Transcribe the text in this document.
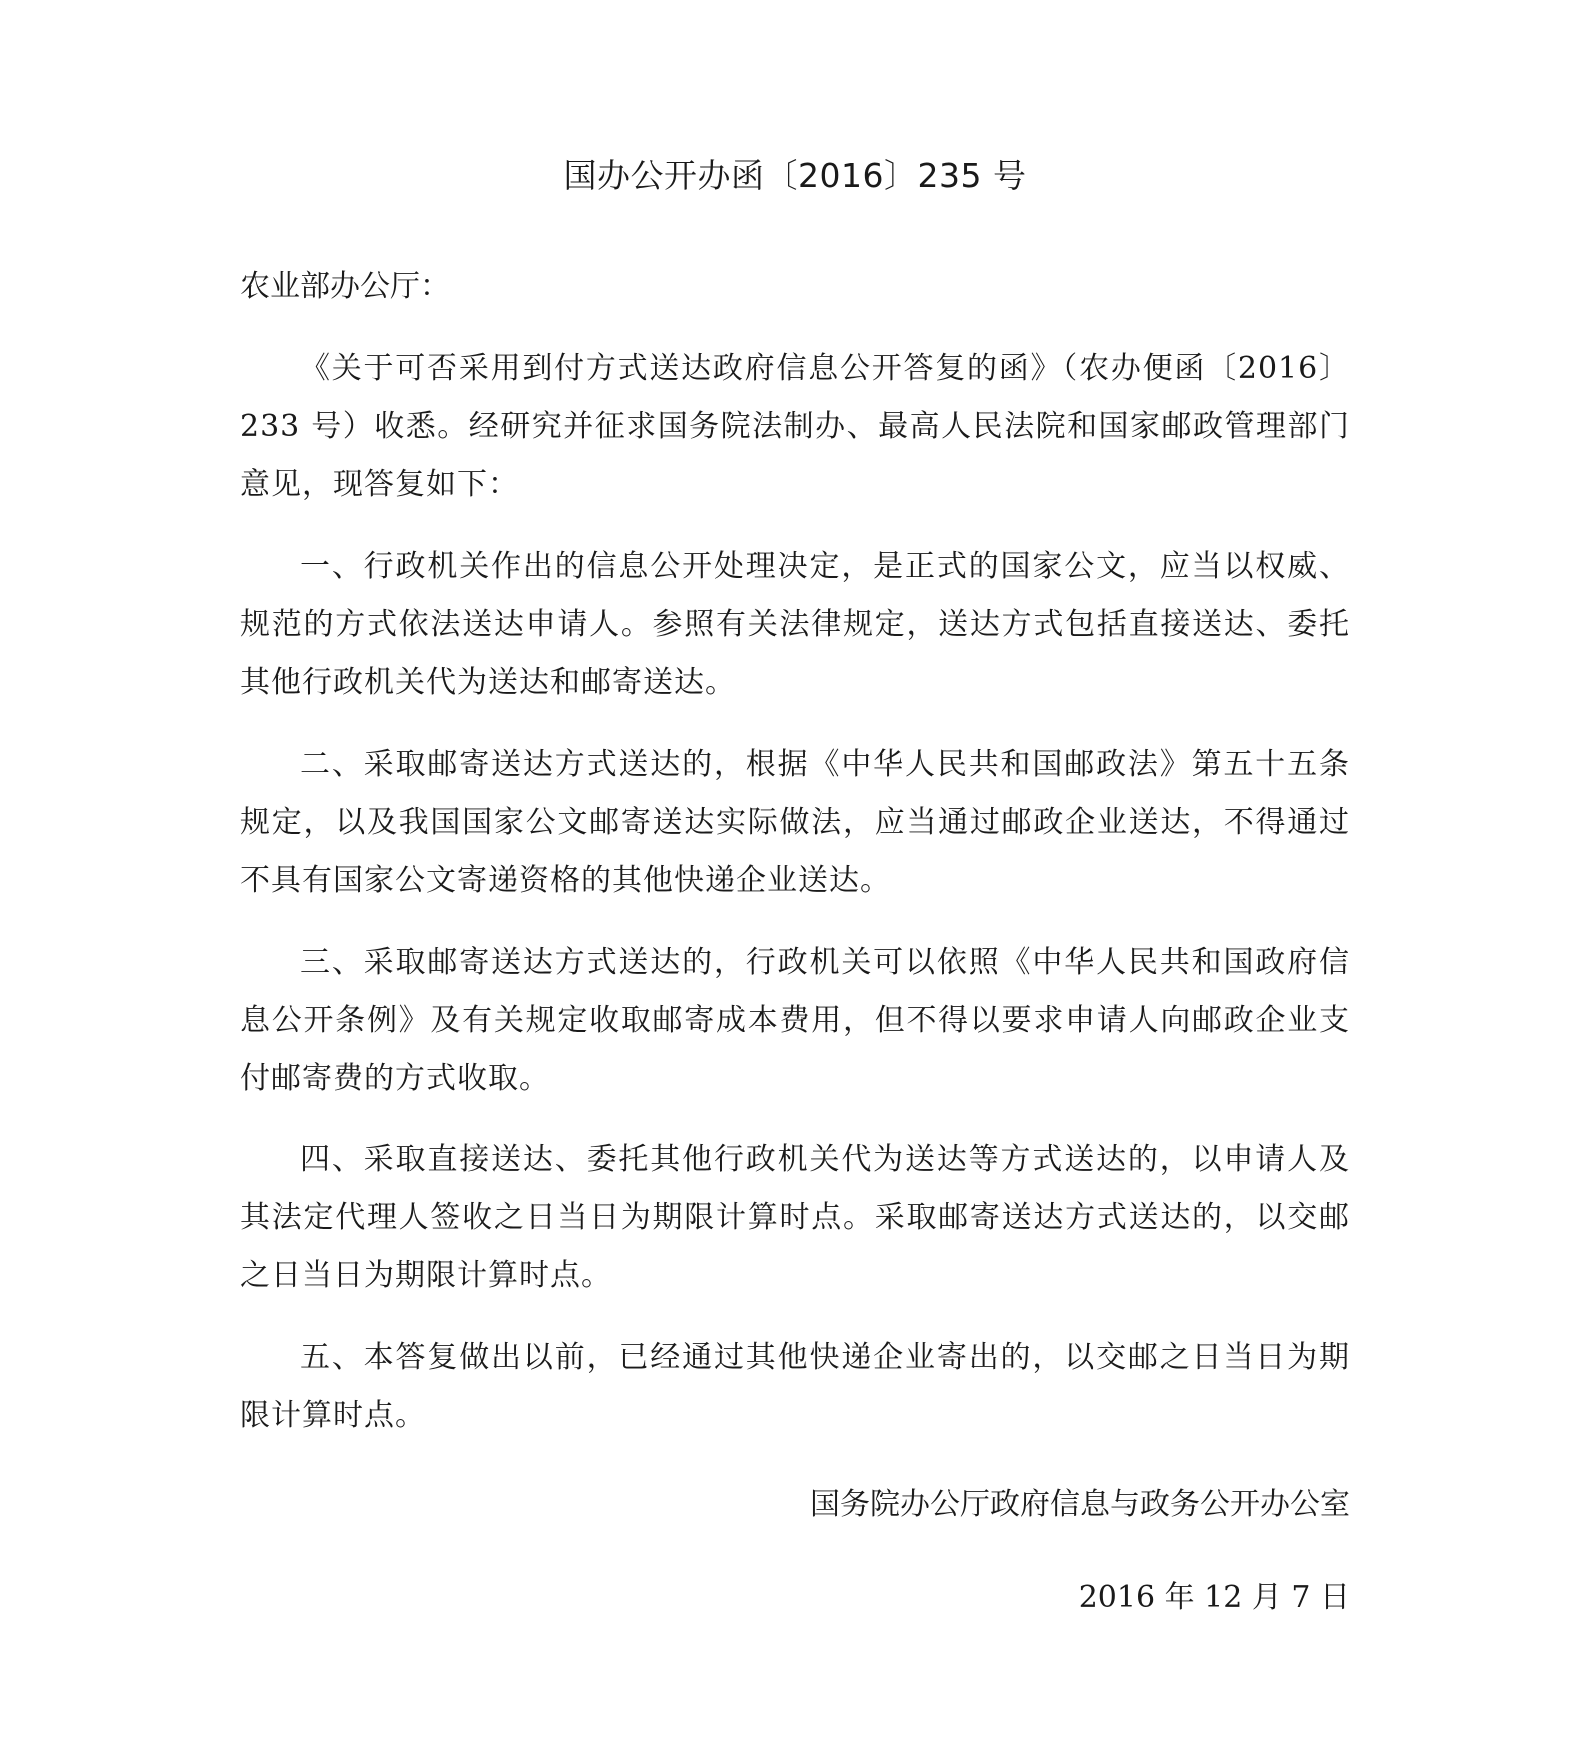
国办公开办函〔2016〕235 号

农业部办公厅：

《关于可否采用到付方式送达政府信息公开答复的函》（农办便函〔2016〕233 号）收悉。经研究并征求国务院法制办、最高人民法院和国家邮政管理部门意见，现答复如下：

一、行政机关作出的信息公开处理决定，是正式的国家公文，应当以权威、规范的方式依法送达申请人。参照有关法律规定，送达方式包括直接送达、委托其他行政机关代为送达和邮寄送达。

二、采取邮寄送达方式送达的，根据《中华人民共和国邮政法》第五十五条规定，以及我国国家公文邮寄送达实际做法，应当通过邮政企业送达，不得通过不具有国家公文寄递资格的其他快递企业送达。

三、采取邮寄送达方式送达的，行政机关可以依照《中华人民共和国政府信息公开条例》及有关规定收取邮寄成本费用，但不得以要求申请人向邮政企业支付邮寄费的方式收取。

四、采取直接送达、委托其他行政机关代为送达等方式送达的，以申请人及其法定代理人签收之日当日为期限计算时点。采取邮寄送达方式送达的，以交邮之日当日为期限计算时点。

五、本答复做出以前，已经通过其他快递企业寄出的，以交邮之日当日为期限计算时点。

国务院办公厅政府信息与政务公开办公室

2016 年 12 月 7 日
